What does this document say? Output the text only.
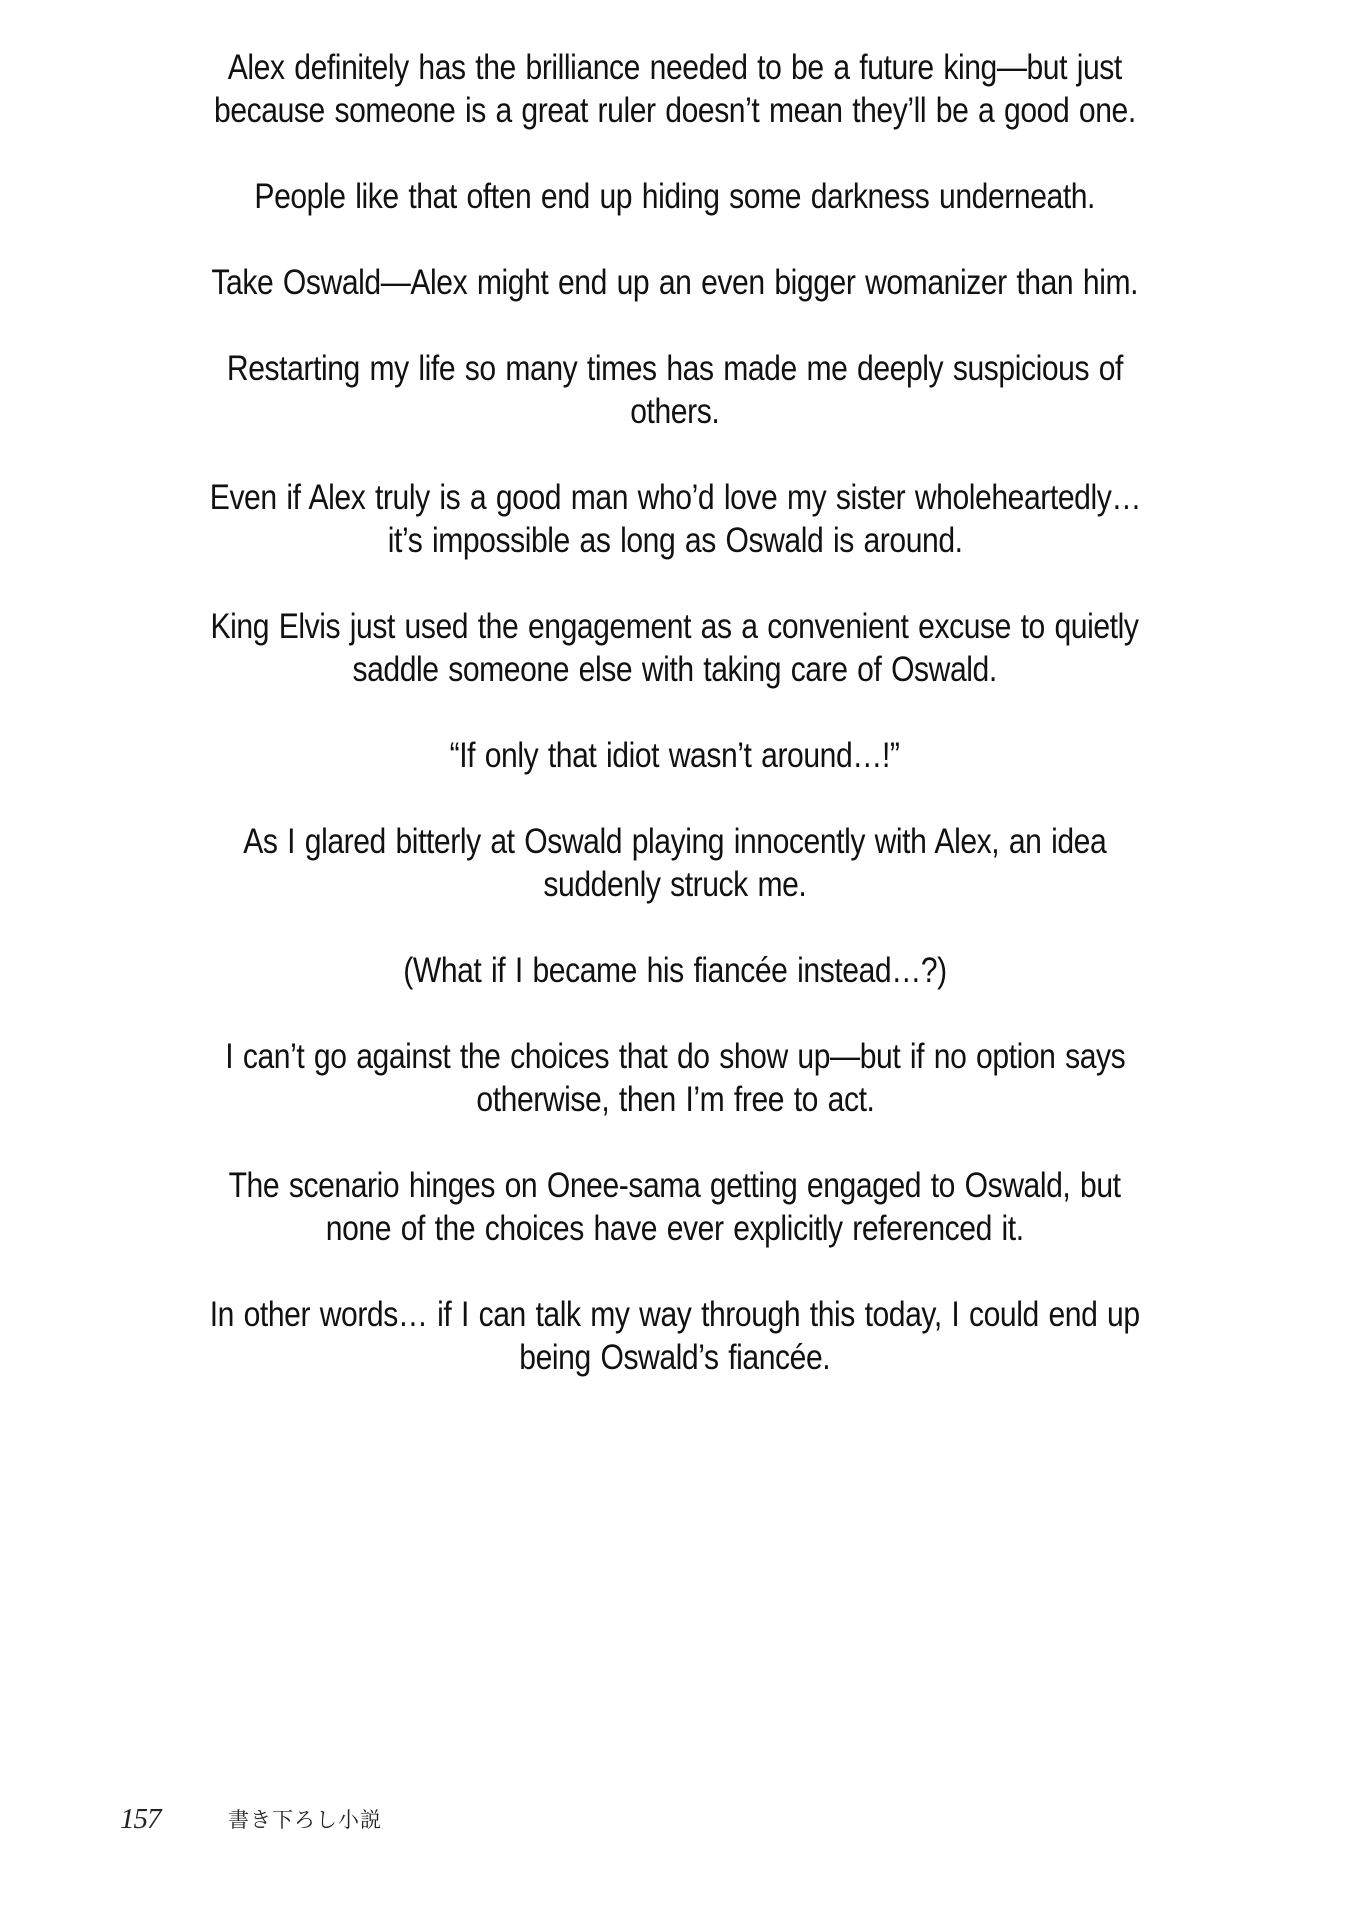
Alex definitely has the brilliance needed to be a future king—but just
because someone is a great ruler doesn’t mean they’ll be a good one.

People like that often end up hiding some darkness underneath.

Take Oswald—Alex might end up an even bigger womanizer than him.

Restarting my life so many times has made me deeply suspicious of
others.

Even if Alex truly is a good man who’d love my sister wholeheartedly…
it’s impossible as long as Oswald is around.

King Elvis just used the engagement as a convenient excuse to quietly
saddle someone else with taking care of Oswald.

“If only that idiot wasn’t around…!”

As I glared bitterly at Oswald playing innocently with Alex, an idea
suddenly struck me.

(What if I became his fiancée instead…?)

I can’t go against the choices that do show up—but if no option says
otherwise, then I’m free to act.

The scenario hinges on Onee-sama getting engaged to Oswald, but
none of the choices have ever explicitly referenced it.

In other words… if I can talk my way through this today, I could end up
being Oswald’s fiancée.

157	書き下ろし小説
